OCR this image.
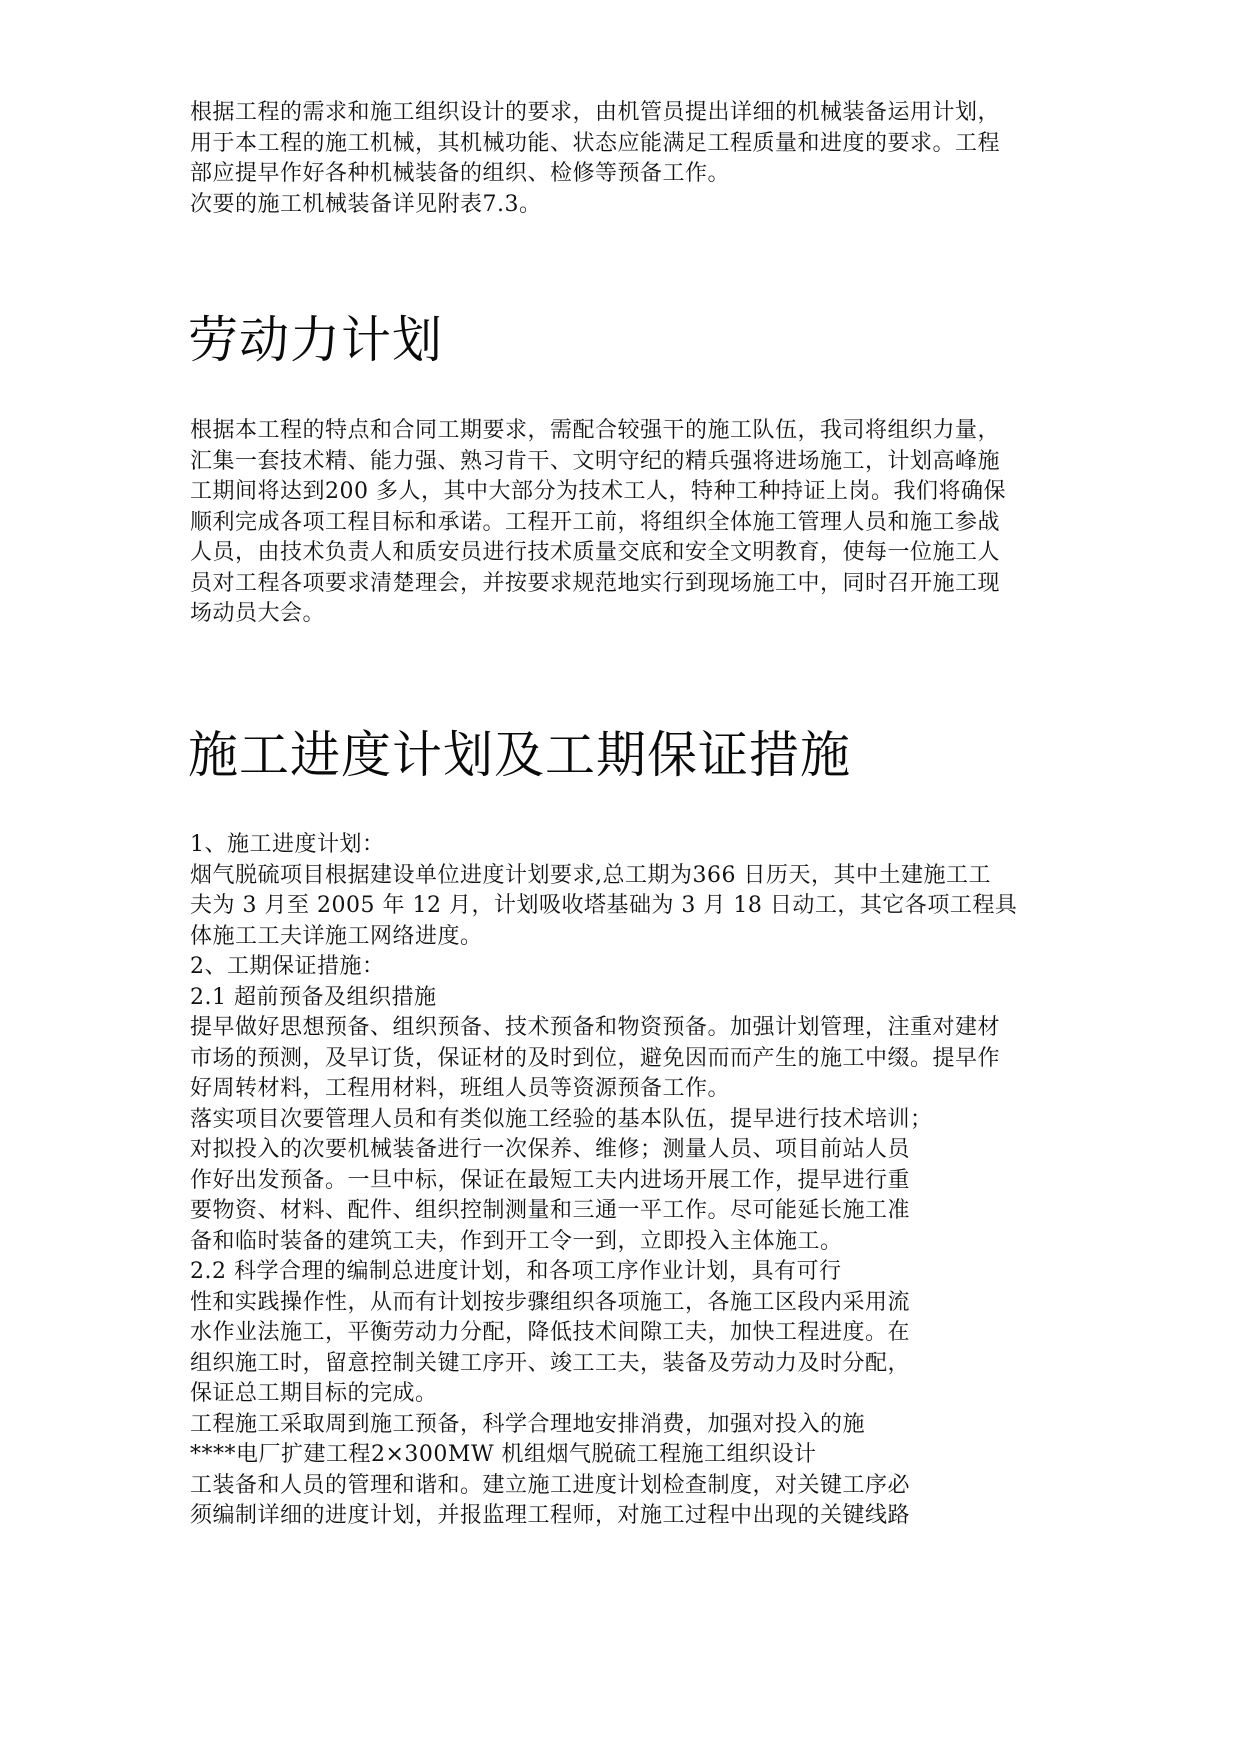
根据工程的需求和施工组织设计的要求，由机管员提出详细的机械装备运用计划，
用于本工程的施工机械，其机械功能、状态应能满足工程质量和进度的要求。工程
部应提早作好各种机械装备的组织、检修等预备工作。
次要的施工机械装备详见附表7.3。
劳动力计划
根据本工程的特点和合同工期要求，需配合较强干的施工队伍，我司将组织力量，
汇集一套技术精、能力强、熟习肯干、文明守纪的精兵强将进场施工，计划高峰施
工期间将达到200 多人，其中大部分为技术工人，特种工种持证上岗。我们将确保
顺利完成各项工程目标和承诺。工程开工前，将组织全体施工管理人员和施工参战
人员，由技术负责人和质安员进行技术质量交底和安全文明教育，使每一位施工人
员对工程各项要求清楚理会，并按要求规范地实行到现场施工中，同时召开施工现
场动员大会。
施工进度计划及工期保证措施
1、施工进度计划：
烟气脱硫项目根据建设单位进度计划要求,总工期为366 日历天，其中土建施工工
夫为 3 月至 2005 年 12 月，计划吸收塔基础为 3 月 18 日动工，其它各项工程具
体施工工夫详施工网络进度。
2、工期保证措施：
2.1 超前预备及组织措施
提早做好思想预备、组织预备、技术预备和物资预备。加强计划管理，注重对建材
市场的预测，及早订货，保证材的及时到位，避免因而而产生的施工中缀。提早作
好周转材料，工程用材料，班组人员等资源预备工作。
落实项目次要管理人员和有类似施工经验的基本队伍，提早进行技术培训；
对拟投入的次要机械装备进行一次保养、维修；测量人员、项目前站人员
作好出发预备。一旦中标，保证在最短工夫内进场开展工作，提早进行重
要物资、材料、配件、组织控制测量和三通一平工作。尽可能延长施工准
备和临时装备的建筑工夫，作到开工令一到，立即投入主体施工。
2.2 科学合理的编制总进度计划，和各项工序作业计划，具有可行
性和实践操作性，从而有计划按步骤组织各项施工，各施工区段内采用流
水作业法施工，平衡劳动力分配，降低技术间隙工夫，加快工程进度。在
组织施工时，留意控制关键工序开、竣工工夫，装备及劳动力及时分配，
保证总工期目标的完成。
工程施工采取周到施工预备，科学合理地安排消费，加强对投入的施
****电厂扩建工程2×300MW 机组烟气脱硫工程施工组织设计
工装备和人员的管理和谐和。建立施工进度计划检查制度，对关键工序必
须编制详细的进度计划，并报监理工程师，对施工过程中出现的关键线路
